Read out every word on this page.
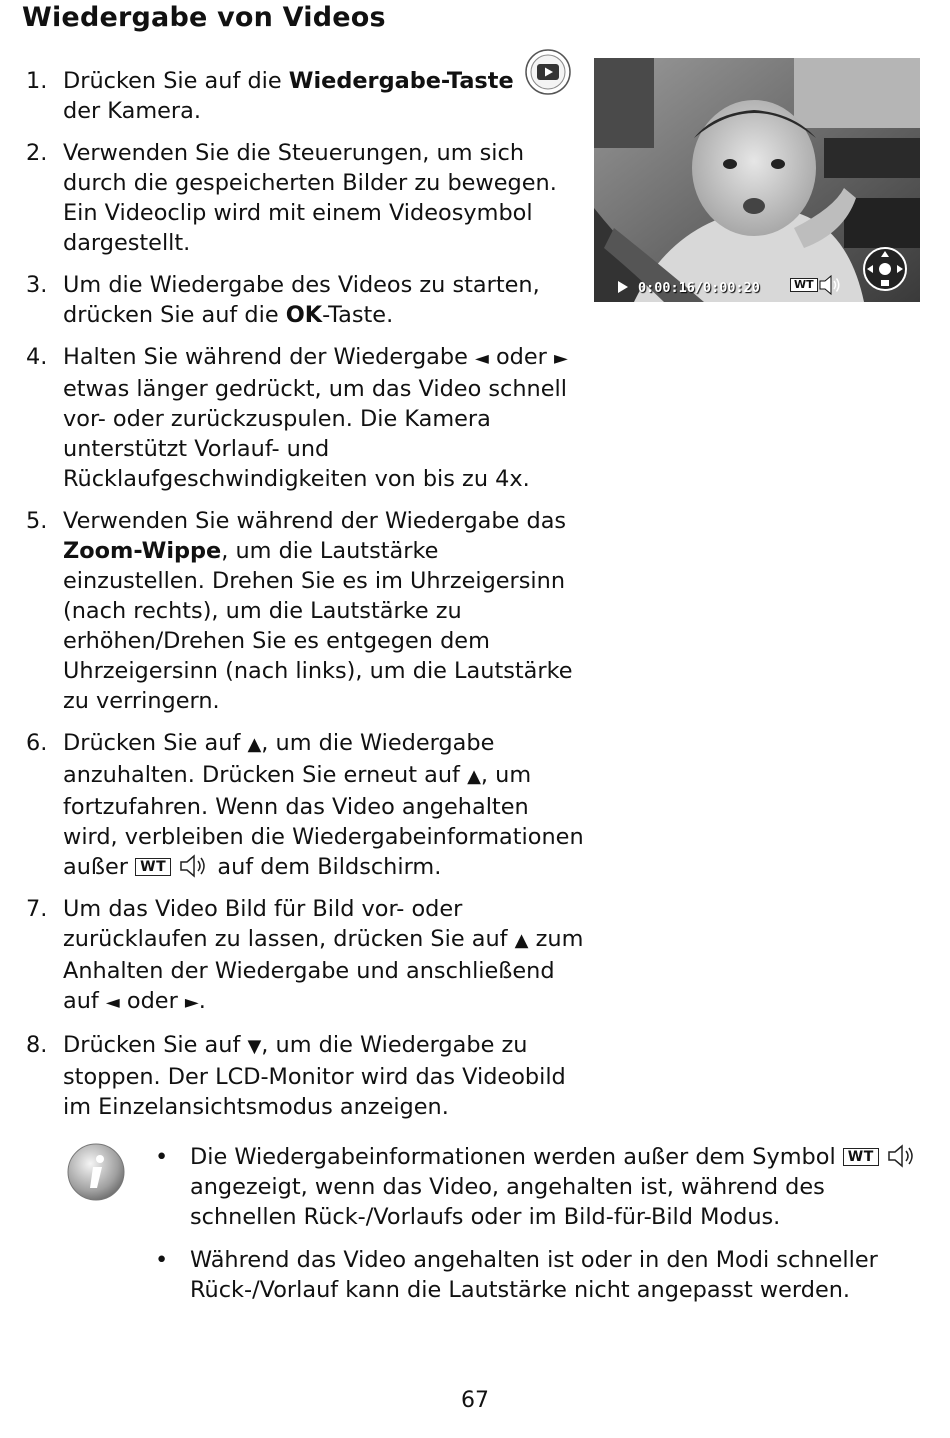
Wiedergabe von Videos
1. Drücken Sie auf die Wiedergabe-Taste
der Kamera.
2. Verwenden Sie die Steuerungen, um sich durch die gespeicherten Bilder zu bewegen. Ein Videoclip wird mit einem Videosymbol dargestellt.
3. Um die Wiedergabe des Videos zu starten, drücken Sie auf die OK-Taste.
4. Halten Sie während der Wiedergabe ◄ oder ► etwas länger gedrückt, um das Video schnell vor- oder zurückzuspulen. Die Kamera unterstützt Vorlauf- und Rücklaufgeschwindigkeiten von bis zu 4x.
5. Verwenden Sie während der Wiedergabe das Zoom-Wippe, um die Lautstärke einzustellen. Drehen Sie es im Uhrzeigersinn (nach rechts), um die Lautstärke zu erhöhen/Drehen Sie es entgegen dem Uhrzeigersinn (nach links), um die Lautstärke zu verringern.
6. Drücken Sie auf ▲, um die Wiedergabe anzuhalten. Drücken Sie erneut auf ▲, um fortzufahren. Wenn das Video angehalten wird, verbleiben die Wiedergabeinformationen außer WT  auf dem Bildschirm.
7. Um das Video Bild für Bild vor- oder zurücklaufen zu lassen, drücken Sie auf ▲ zum Anhalten der Wiedergabe und anschließend auf ◄ oder ►.
8. Drücken Sie auf ▼, um die Wiedergabe zu stoppen. Der LCD-Monitor wird das Videobild im Einzelansichtsmodus anzeigen.
0:00:16/0:00:20	WT
• Die Wiedergabeinformationen werden außer dem Symbol WT  angezeigt, wenn das Video, angehalten ist, während des schnellen Rück-/Vorlaufs oder im Bild-für-Bild Modus.
• Während das Video angehalten ist oder in den Modi schneller Rück-/Vorlauf kann die Lautstärke nicht angepasst werden.
67
